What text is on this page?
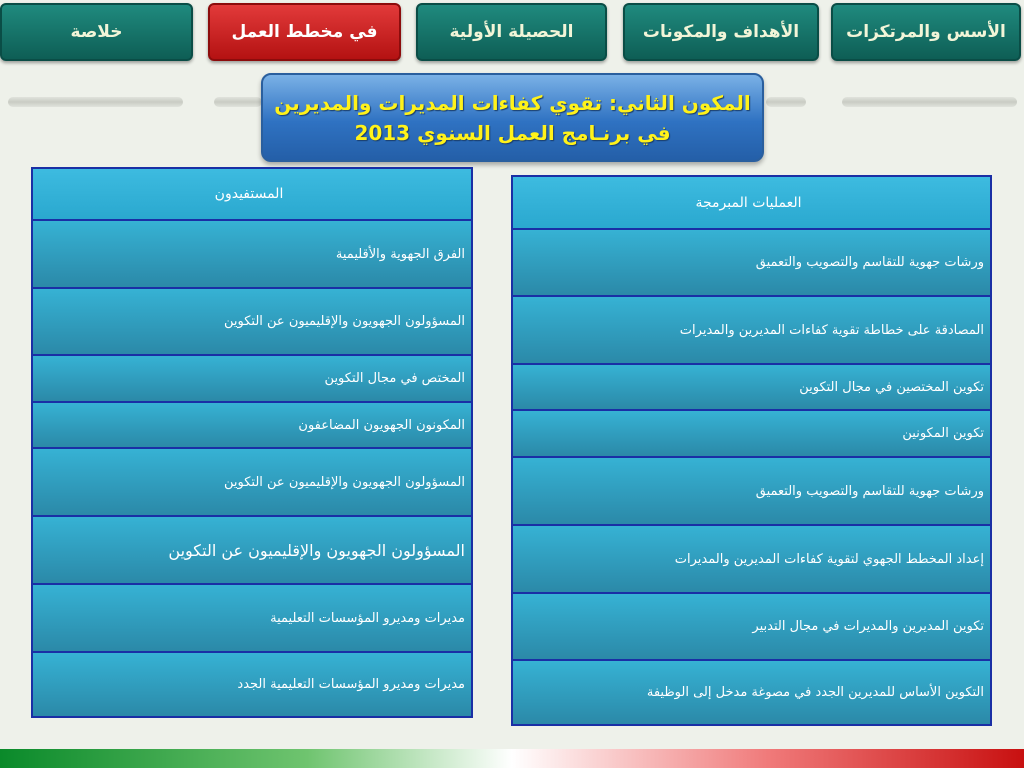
الأسس والمرتكزات
الأهداف والمكونات
الحصيلة الأولية
في مخطط العمل
خلاصة
المكون الثاني: تقوي كفاءات المديرات والمديرين
في برنـامج العمل السنوي 2013
العمليات المبرمجة
ورشات جهوية للتقاسم والتصويب والتعميق
المصادقة على خطاطة تقوية كفاءات المديرين والمديرات
تكوين المختصين في مجال التكوين
تكوين المكونين
ورشات جهوية للتقاسم والتصويب والتعميق
إعداد المخطط الجهوي لتقوية كفاءات المديرين والمديرات
تكوين المديرين والمديرات في مجال التدبير
التكوين الأساس للمديرين الجدد في مصوغة مدخل إلى الوظيفة
المستفيدون
الفرق الجهوية والأقليمية
المسؤولون الجهويون والإقليميون عن التكوين
المختص في مجال التكوين
المكونون الجهويون المضاعفون
المسؤولون الجهويون والإقليميون عن التكوين
المسؤولون الجهويون والإقليميون عن التكوين
مديرات ومديرو المؤسسات التعليمية
مديرات ومديرو المؤسسات التعليمية الجدد
